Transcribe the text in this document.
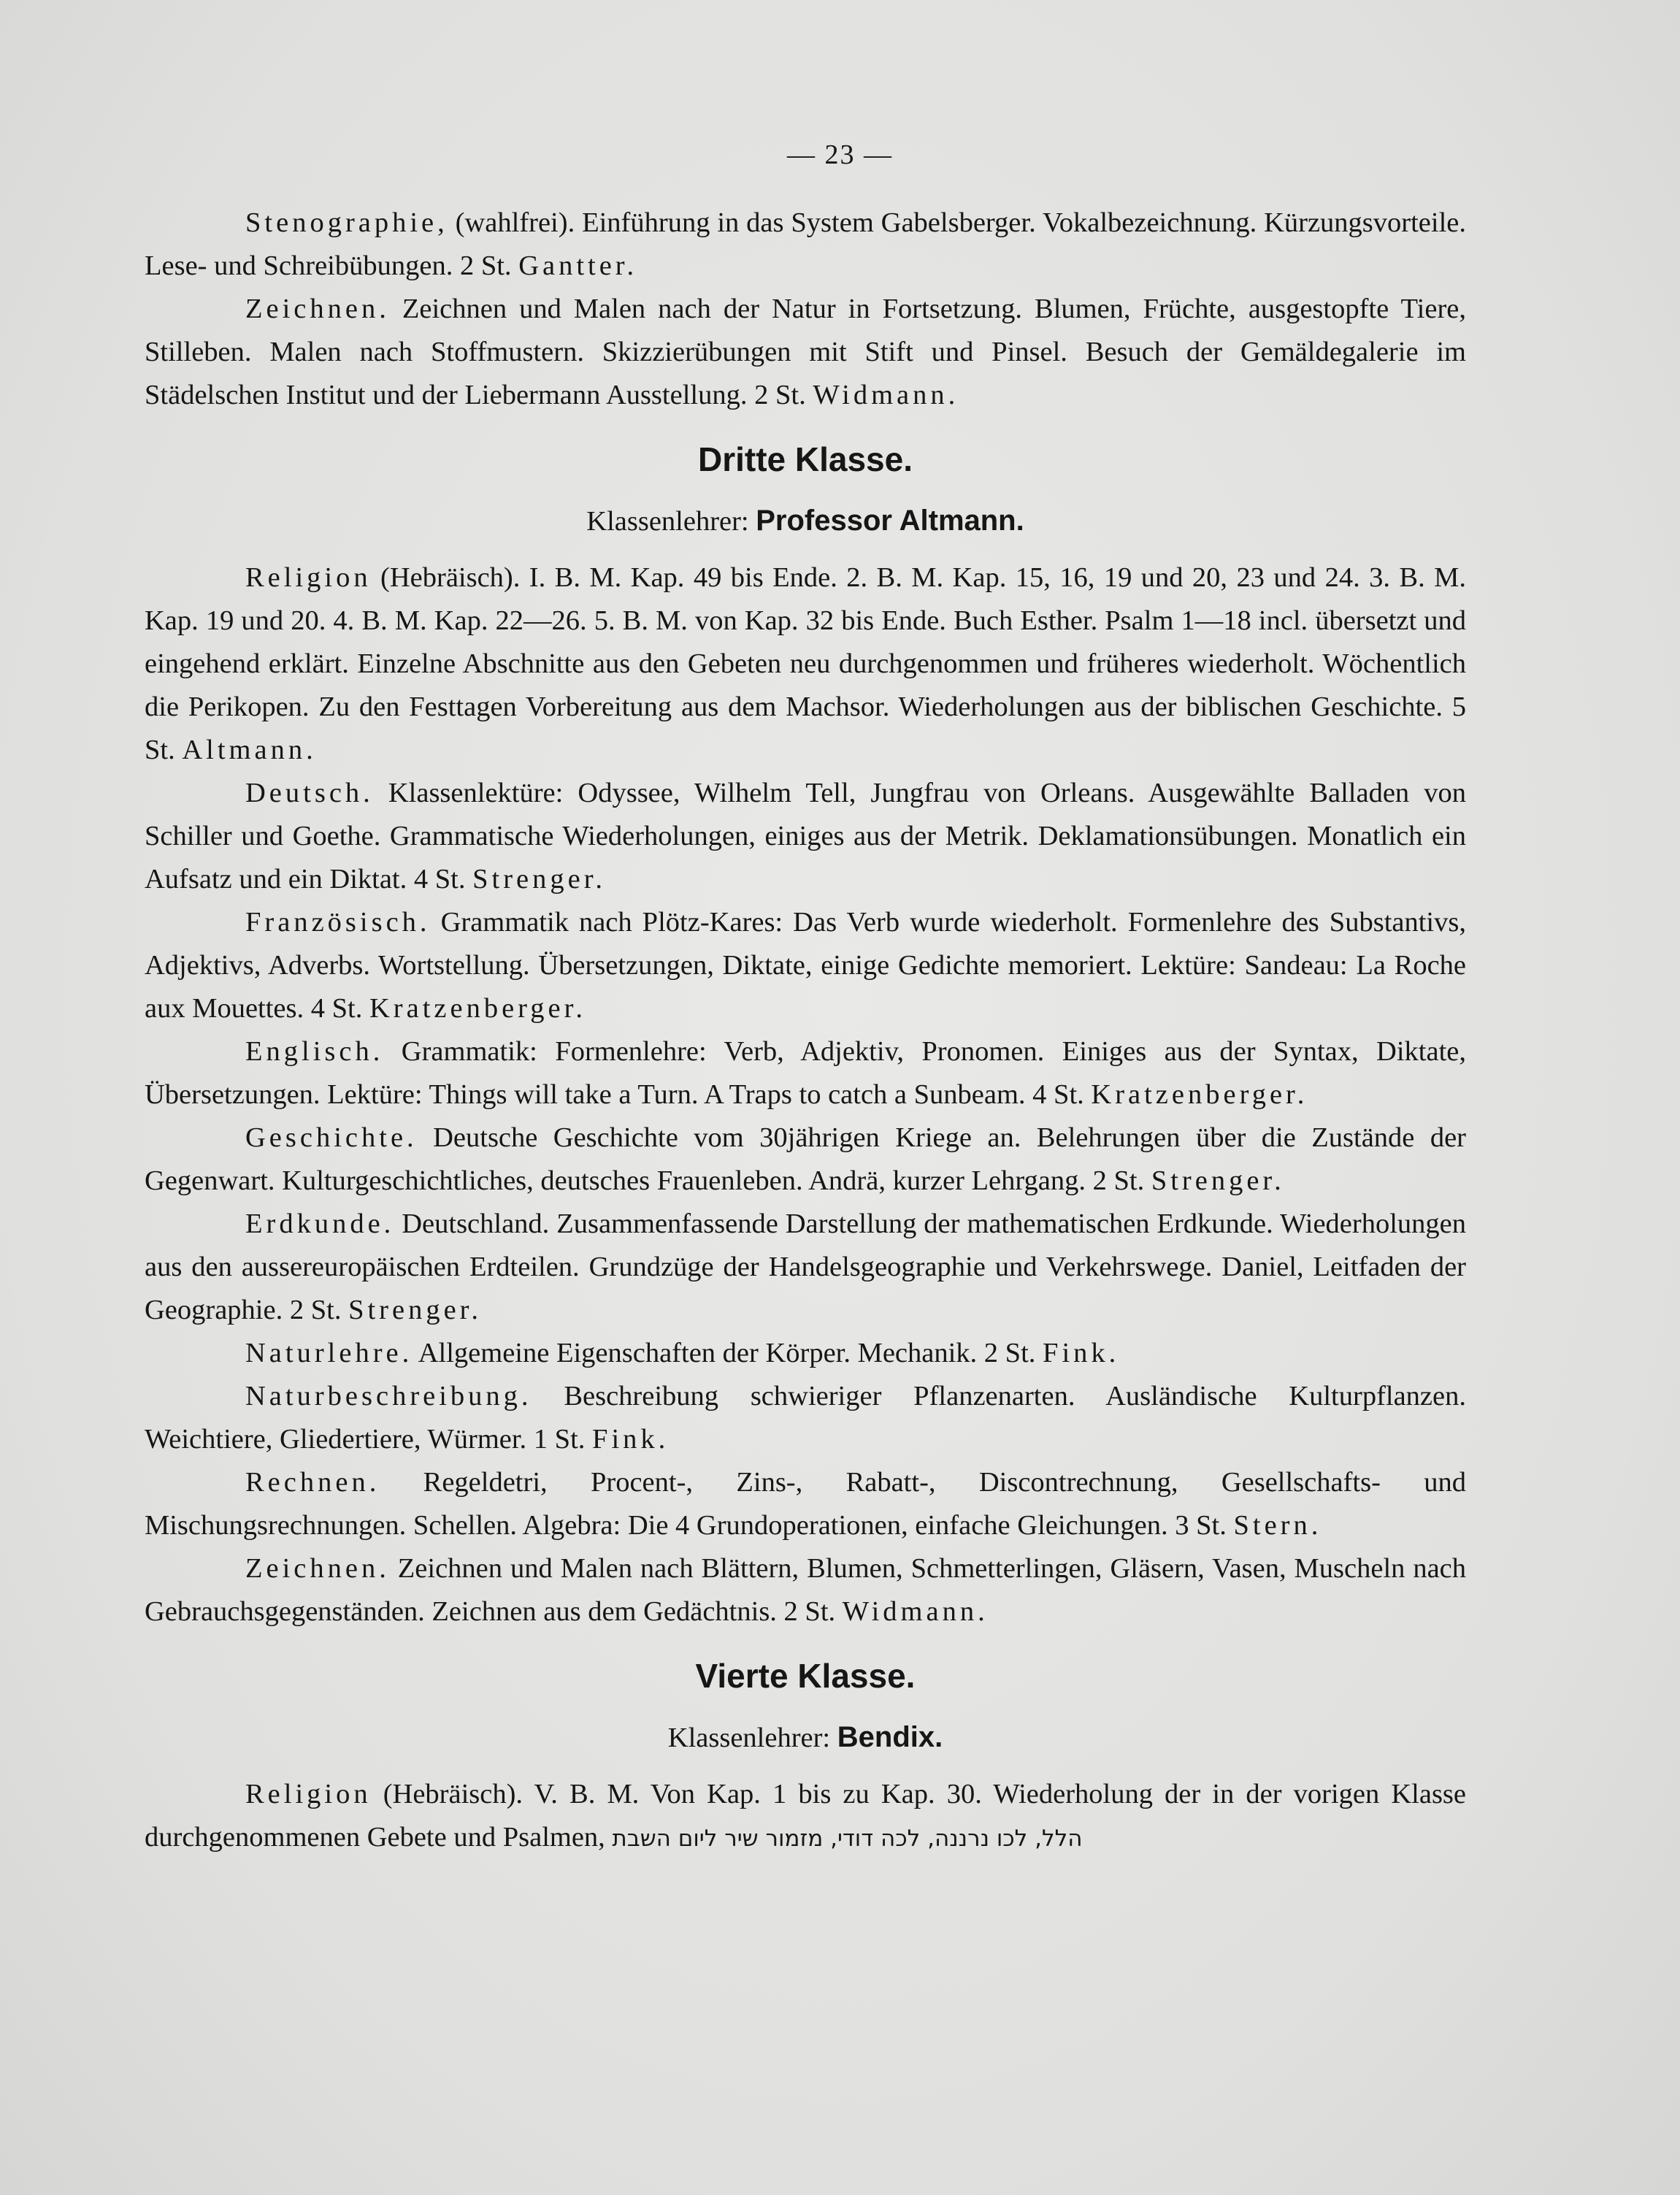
— 23 —

Stenographie, (wahlfrei). Einführung in das System Gabelsberger. Vokalbezeichnung. Kürzungsvorteile. Lese- und Schreibübungen. 2 St. Gantter.

Zeichnen. Zeichnen und Malen nach der Natur in Fortsetzung. Blumen, Früchte, ausgestopfte Tiere, Stilleben. Malen nach Stoffmustern. Skizzierübungen mit Stift und Pinsel. Besuch der Gemäldegalerie im Städelschen Institut und der Liebermann Ausstellung. 2 St. Widmann.

Dritte Klasse.
Klassenlehrer: Professor Altmann.

Religion (Hebräisch). I. B. M. Kap. 49 bis Ende. 2. B. M. Kap. 15, 16, 19 und 20, 23 und 24. 3. B. M. Kap. 19 und 20. 4. B. M. Kap. 22—26. 5. B. M. von Kap. 32 bis Ende. Buch Esther. Psalm 1—18 incl. übersetzt und eingehend erklärt. Einzelne Abschnitte aus den Gebeten neu durchgenommen und früheres wiederholt. Wöchentlich die Perikopen. Zu den Festtagen Vorbereitung aus dem Machsor. Wiederholungen aus der biblischen Geschichte. 5 St. Altmann.

Deutsch. Klassenlektüre: Odyssee, Wilhelm Tell, Jungfrau von Orleans. Ausgewählte Balladen von Schiller und Goethe. Grammatische Wiederholungen, einiges aus der Metrik. Deklamationsübungen. Monatlich ein Aufsatz und ein Diktat. 4 St. Strenger.

Französisch. Grammatik nach Plötz-Kares: Das Verb wurde wiederholt. Formenlehre des Substantivs, Adjektivs, Adverbs. Wortstellung. Übersetzungen, Diktate, einige Gedichte memoriert. Lektüre: Sandeau: La Roche aux Mouettes. 4 St. Kratzenberger.

Englisch. Grammatik: Formenlehre: Verb, Adjektiv, Pronomen. Einiges aus der Syntax, Diktate, Übersetzungen. Lektüre: Things will take a Turn. A Traps to catch a Sunbeam. 4 St. Kratzenberger.

Geschichte. Deutsche Geschichte vom 30jährigen Kriege an. Belehrungen über die Zustände der Gegenwart. Kulturgeschichtliches, deutsches Frauenleben. Andrä, kurzer Lehrgang. 2 St. Strenger.

Erdkunde. Deutschland. Zusammenfassende Darstellung der mathematischen Erdkunde. Wiederholungen aus den aussereuropäischen Erdteilen. Grundzüge der Handelsgeographie und Verkehrswege. Daniel, Leitfaden der Geographie. 2 St. Strenger.

Naturlehre. Allgemeine Eigenschaften der Körper. Mechanik. 2 St. Fink.

Naturbeschreibung. Beschreibung schwieriger Pflanzenarten. Ausländische Kulturpflanzen. Weichtiere, Gliedertiere, Würmer. 1 St. Fink.

Rechnen. Regeldetri, Procent-, Zins-, Rabatt-, Discontrechnung, Gesellschafts- und Mischungsrechnungen. Schellen. Algebra: Die 4 Grundoperationen, einfache Gleichungen. 3 St. Stern.

Zeichnen. Zeichnen und Malen nach Blättern, Blumen, Schmetterlingen, Gläsern, Vasen, Muscheln nach Gebrauchsgegenständen. Zeichnen aus dem Gedächtnis. 2 St. Widmann.

Vierte Klasse.
Klassenlehrer: Bendix.

Religion (Hebräisch). V. B. M. Von Kap. 1 bis zu Kap. 30. Wiederholung der in der vorigen Klasse durchgenommenen Gebete und Psalmen, הלל, לכו נרננה, לכה דודי, מזמור שיר ליום השבת
